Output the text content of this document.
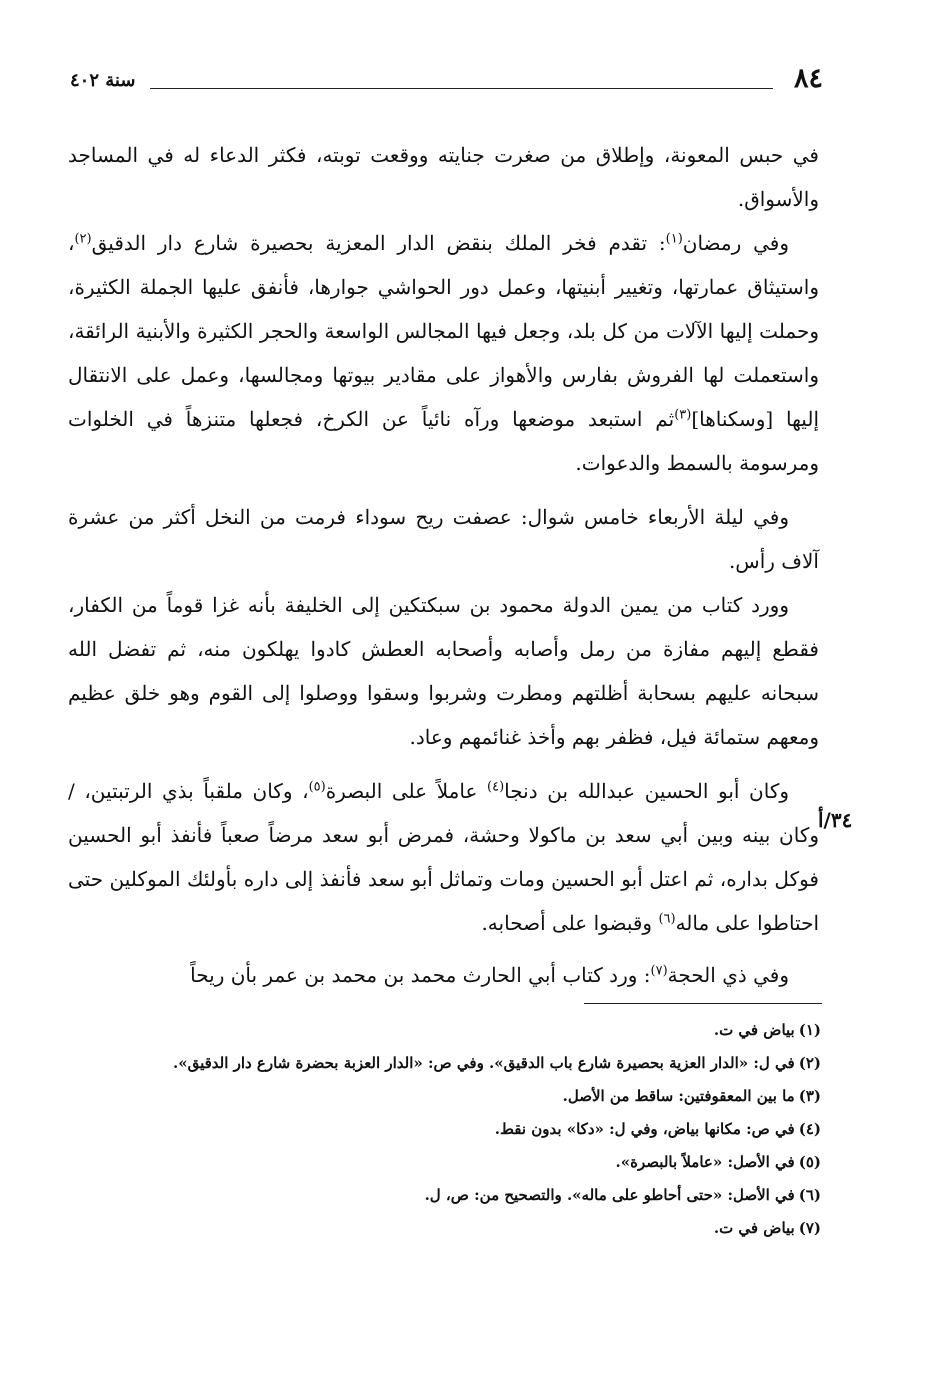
٨٤
سنة ٤٠٢

في حبس المعونة، وإطلاق من صغرت جنايته ووقعت توبته، فكثر الدعاء له في المساجد والأسواق.

وفي رمضان$^{(١)}$: تقدم فخر الملك بنقض الدار المعزية بحصيرة شارع دار الدقيق$^{(٢)}$، واستيثاق عمارتها، وتغيير أبنيتها، وعمل دور الحواشي جوارها، فأنفق عليها الجملة الكثيرة، وحملت إليها الآلات من كل بلد، وجعل فيها المجالس الواسعة والحجر الكثيرة والأبنية الرائقة، واستعملت لها الفروش بفارس والأهواز على مقادير بيوتها ومجالسها، وعمل على الانتقال إليها [وسكناها]$^{(٣)}$ثم استبعد موضعها ورآه نائياً عن الكرخ، فجعلها متنزهاً في الخلوات ومرسومة بالسمط والدعوات.

وفي ليلة الأربعاء خامس شوال: عصفت ريح سوداء فرمت من النخل أكثر من عشرة آلاف رأس.

وورد كتاب من يمين الدولة محمود بن سبكتكين إلى الخليفة بأنه غزا قوماً من الكفار، فقطع إليهم مفازة من رمل وأصابه وأصحابه العطش كادوا يهلكون منه، ثم تفضل الله سبحانه عليهم بسحابة أظلتهم ومطرت وشربوا وسقوا ووصلوا إلى القوم وهو خلق عظيم ومعهم ستمائة فيل، فظفر بهم وأخذ غنائمهم وعاد.

وكان أبو الحسين عبدالله بن دنجا$^{(٤)}$ عاملاً على البصرة$^{(٥)}$، وكان ملقباً بذي الرتبتين، / وكان بينه وبين أبي سعد بن ماكولا وحشة، فمرض أبو سعد مرضاً صعباً فأنفذ أبو الحسين فوكل بداره، ثم اعتل أبو الحسين ومات وتماثل أبو سعد فأنفذ إلى داره بأولئك الموكلين حتى احتاطوا على ماله$^{(٦)}$ وقبضوا على أصحابه.

وفي ذي الحجة$^{(٧)}$: ورد كتاب أبي الحارث محمد بن محمد بن عمر بأن ريحاً

٣٤/أ

(١)بياض في ت.

(٢)في ل: «الدار العزية بحصيرة شارع باب الدقيق». وفي ص: «الدار العزبة بحضرة شارع دار الدقيق».

(٣)ما بين المعقوفتين: ساقط من الأصل.

(٤)في ص: مكانها بياض، وفي ل: «دكا» بدون نقط.

(٥)في الأصل: «عاملاً بالبصرة».

(٦)في الأصل: «حتى أحاطو على ماله». والتصحيح من: ص، ل.

(٧)بياض في ت.
